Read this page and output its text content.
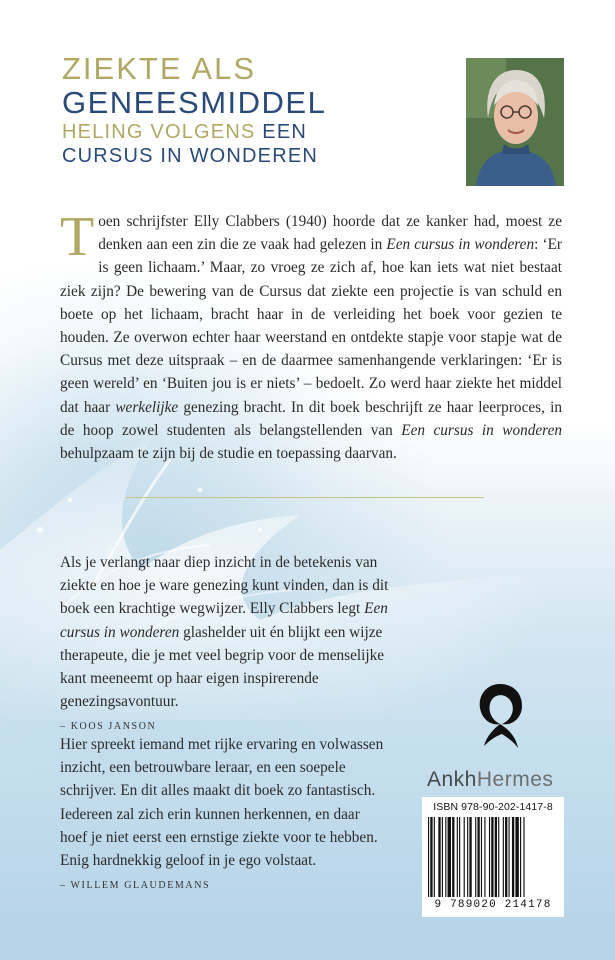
ZIEKTE ALS
GENEESMIDDEL
HELING VOLGENS EEN
CURSUS IN WONDEREN
Toen schrijfster Elly Clabbers (1940) hoorde dat ze kanker had, moest ze denken aan een zin die ze vaak had gelezen in Een cursus in wonderen: ‘Er is geen lichaam.’ Maar, zo vroeg ze zich af, hoe kan iets wat niet bestaat ziek zijn? De bewering van de Cursus dat ziekte een projectie is van schuld en boete op het lichaam, bracht haar in de verleiding het boek voor gezien te houden. Ze overwon echter haar weerstand en ontdekte stapje voor stapje wat de Cursus met deze uitspraak – en de daarmee samenhangende verklaringen: ‘Er is geen wereld’ en ‘Buiten jou is er niets’ – bedoelt. Zo werd haar ziekte het middel dat haar werkelijke genezing bracht. In dit boek beschrijft ze haar leerproces, in de hoop zowel studenten als belangstellenden van Een cursus in wonderen behulpzaam te zijn bij de studie en toepassing daarvan.
Als je verlangt naar diep inzicht in de betekenis van ziekte en hoe je ware genezing kunt vinden, dan is dit boek een krachtige wegwijzer. Elly Clabbers legt Een cursus in wonderen glashelder uit én blijkt een wijze therapeute, die je met veel begrip voor de menselijke kant meeneemt op haar eigen inspirerende genezingsavontuur.
– KOOS JANSON
Hier spreekt iemand met rijke ervaring en volwassen inzicht, een betrouwbare leraar, en een soepele schrijver. En dit alles maakt dit boek zo fantastisch. Iedereen zal zich erin kunnen herkennen, en daar hoef je niet eerst een ernstige ziekte voor te hebben. Enig hardnekkig geloof in je ego volstaat.
– WILLEM GLAUDEMANS
AnkhHermes
ISBN 978-90-202-1417-8
9 789020 214178
